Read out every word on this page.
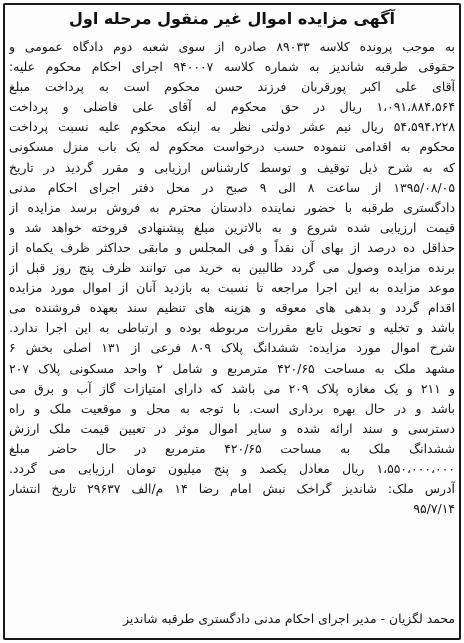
آگهی مزایده اموال غیر منقول مرحله اول
به موجب پرونده کلاسه ۸۹۰۳۳ صادره از سوی شعبه دوم دادگاه عمومی و
حقوقی طرقبه شاندیز به شماره کلاسه ۹۴۰۰۰۷ اجرای احکام محکوم علیه:
آقای علی اکبر پورقربان فرزند حسن محکوم است به پرداخت مبلغ
۱،۰۹۱،۸۸۴،۵۶۴ ریال در حق محکوم له آقای علی فاضلی و پرداخت
۵۴،۵۹۴،۲۲۸ ریال نیم عشر دولتی نظر به اینکه محکوم علیه نسبت پرداخت
محکوم به اقدامی ننموده حسب درخواست محکوم له یک باب منزل مسکونی
که به شرح ذیل توقیف و توسط کارشناس ارزیابی و مقرر گردید در تاریخ
۱۳۹۵/۰۸/۰۵ از ساعت ۸ الی ۹ صبح در محل دفتر اجرای احکام مدنی
دادگستری طرقبه با حضور نماینده دادستان محترم به فروش برسد مزایده از
قیمت ارزیابی شده شروع و به بالاترین مبلغ پیشنهادی فروخته خواهد شد و
حداقل ده درصد از بهای آن نقداً و فی المجلس و مابقی حداکثر ظرف یکماه از
برنده مزایده وصول می گردد طالبین به خرید می توانند ظرف پنج روز قبل از
موعد مزایده به این اجرا مراجعه تا نسبت به بازدید آنان از اموال مورد مزایده
اقدام گردد و بدهی های معوقه و هزینه های تنظیم سند بعهده فروشنده می
باشد و تخلیه و تحویل تابع مقررات مربوطه بوده و ارتباطی به این اجرا ندارد.
شرح اموال مورد مزایده: ششدانگ پلاک ۸۰۹ فرعی از ۱۳۱ اصلی بخش ۶
مشهد ملک به مساحت ۴۲۰/۶۵ مترمربع و شامل ۲ واحد مسکونی پلاک ۲۰۷
و ۲۱۱ و یک مغازه پلاک ۲۰۹ می باشد که دارای امتیازات گاز آب و برق می
باشد و در حال بهره برداری است. با توجه به محل و موقعیت ملک و راه
دسترسی و سند ارائه شده و سایر اموال موثر در تعیین قیمت ملک ارزش
ششدانگ ملک به مساحت ۴۲۰/۶۵ مترمربع در حال حاضر مبلغ
۱،۵۵۰،۰۰۰،۰۰۰ ریال معادل یکصد و پنج میلیون تومان ارزیابی می گردد.
آدرس ملک: شاندیز گراخک نبش امام رضا ۱۴ م/الف ۲۹۶۳۷ تاریخ انتشار
۹۵/۷/۱۴
محمد لگزیان - مدیر اجرای احکام مدنی دادگستری طرقبه شاندیز
